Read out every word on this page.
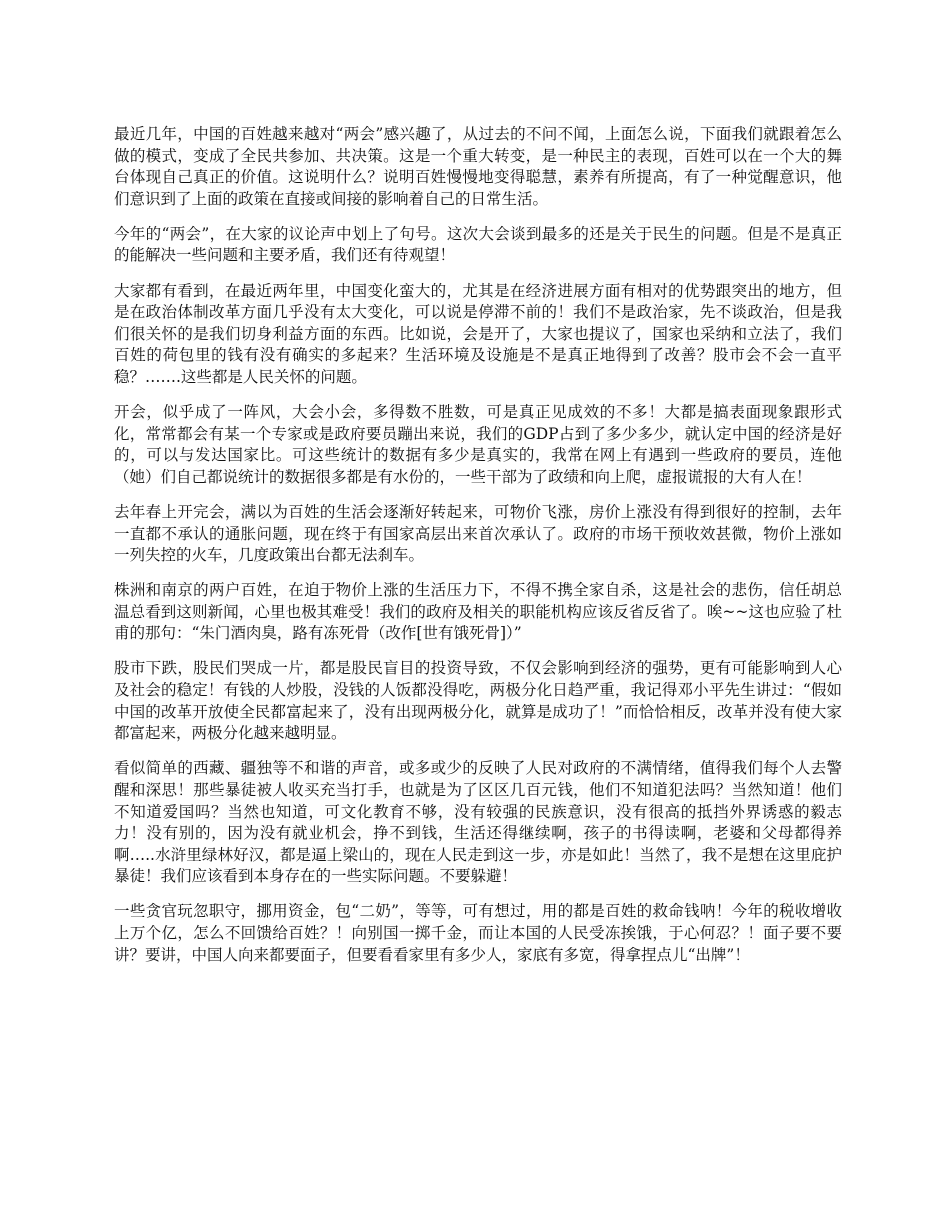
最近几年，中国的百姓越来越对“两会”感兴趣了，从过去的不问不闻，上面怎么说，下面我们就跟着怎么做的模式，变成了全民共参加、共决策。这是一个重大转变，是一种民主的表现，百姓可以在一个大的舞台体现自己真正的价值。这说明什么？说明百姓慢慢地变得聪慧，素养有所提高，有了一种觉醒意识，他们意识到了上面的政策在直接或间接的影响着自己的日常生活。

今年的“两会”，在大家的议论声中划上了句号。这次大会谈到最多的还是关于民生的问题。但是不是真正的能解决一些问题和主要矛盾，我们还有待观望！

大家都有看到，在最近两年里，中国变化蛮大的，尤其是在经济进展方面有相对的优势跟突出的地方，但是在政治体制改革方面几乎没有太大变化，可以说是停滞不前的！我们不是政治家，先不谈政治，但是我们很关怀的是我们切身利益方面的东西。比如说，会是开了，大家也提议了，国家也采纳和立法了，我们百姓的荷包里的钱有没有确实的多起来？生活环境及设施是不是真正地得到了改善？股市会不会一直平稳？…….这些都是人民关怀的问题。

开会，似乎成了一阵风，大会小会，多得数不胜数，可是真正见成效的不多！大都是搞表面现象跟形式化，常常都会有某一个专家或是政府要员蹦出来说，我们的GDP占到了多少多少，就认定中国的经济是好的，可以与发达国家比。可这些统计的数据有多少是真实的，我常在网上有遇到一些政府的要员，连他（她）们自己都说统计的数据很多都是有水份的，一些干部为了政绩和向上爬，虚报谎报的大有人在！

去年春上开完会，满以为百姓的生活会逐渐好转起来，可物价飞涨，房价上涨没有得到很好的控制，去年一直都不承认的通胀问题，现在终于有国家高层出来首次承认了。政府的市场干预收效甚微，物价上涨如一列失控的火车，几度政策出台都无法刹车。

株洲和南京的两户百姓，在迫于物价上涨的生活压力下，不得不携全家自杀，这是社会的悲伤，信任胡总温总看到这则新闻，心里也极其难受！我们的政府及相关的职能机构应该反省反省了。唉~~这也应验了杜甫的那句：“朱门酒肉臭，路有冻死骨（改作[世有饿死骨]）”

股市下跌，股民们哭成一片，都是股民盲目的投资导致，不仅会影响到经济的强势，更有可能影响到人心及社会的稳定！有钱的人炒股，没钱的人饭都没得吃，两极分化日趋严重，我记得邓小平先生讲过：“假如中国的改革开放使全民都富起来了，没有出现两极分化，就算是成功了！”而恰恰相反，改革并没有使大家都富起来，两极分化越来越明显。

看似简单的西藏、疆独等不和谐的声音，或多或少的反映了人民对政府的不满情绪，值得我们每个人去警醒和深思！那些暴徒被人收买充当打手，也就是为了区区几百元钱，他们不知道犯法吗？当然知道！他们不知道爱国吗？当然也知道，可文化教育不够，没有较强的民族意识，没有很高的抵挡外界诱惑的毅志力！没有别的，因为没有就业机会，挣不到钱，生活还得继续啊，孩子的书得读啊，老婆和父母都得养啊…..水浒里绿林好汉，都是逼上梁山的，现在人民走到这一步，亦是如此！当然了，我不是想在这里庇护暴徒！我们应该看到本身存在的一些实际问题。不要躲避！

一些贪官玩忽职守，挪用资金，包“二奶”，等等，可有想过，用的都是百姓的救命钱呐！今年的税收增收上万个亿，怎么不回馈给百姓？！向别国一掷千金，而让本国的人民受冻挨饿，于心何忍？！面子要不要讲？要讲，中国人向来都要面子，但要看看家里有多少人，家底有多宽，得拿捏点儿“出牌”！
